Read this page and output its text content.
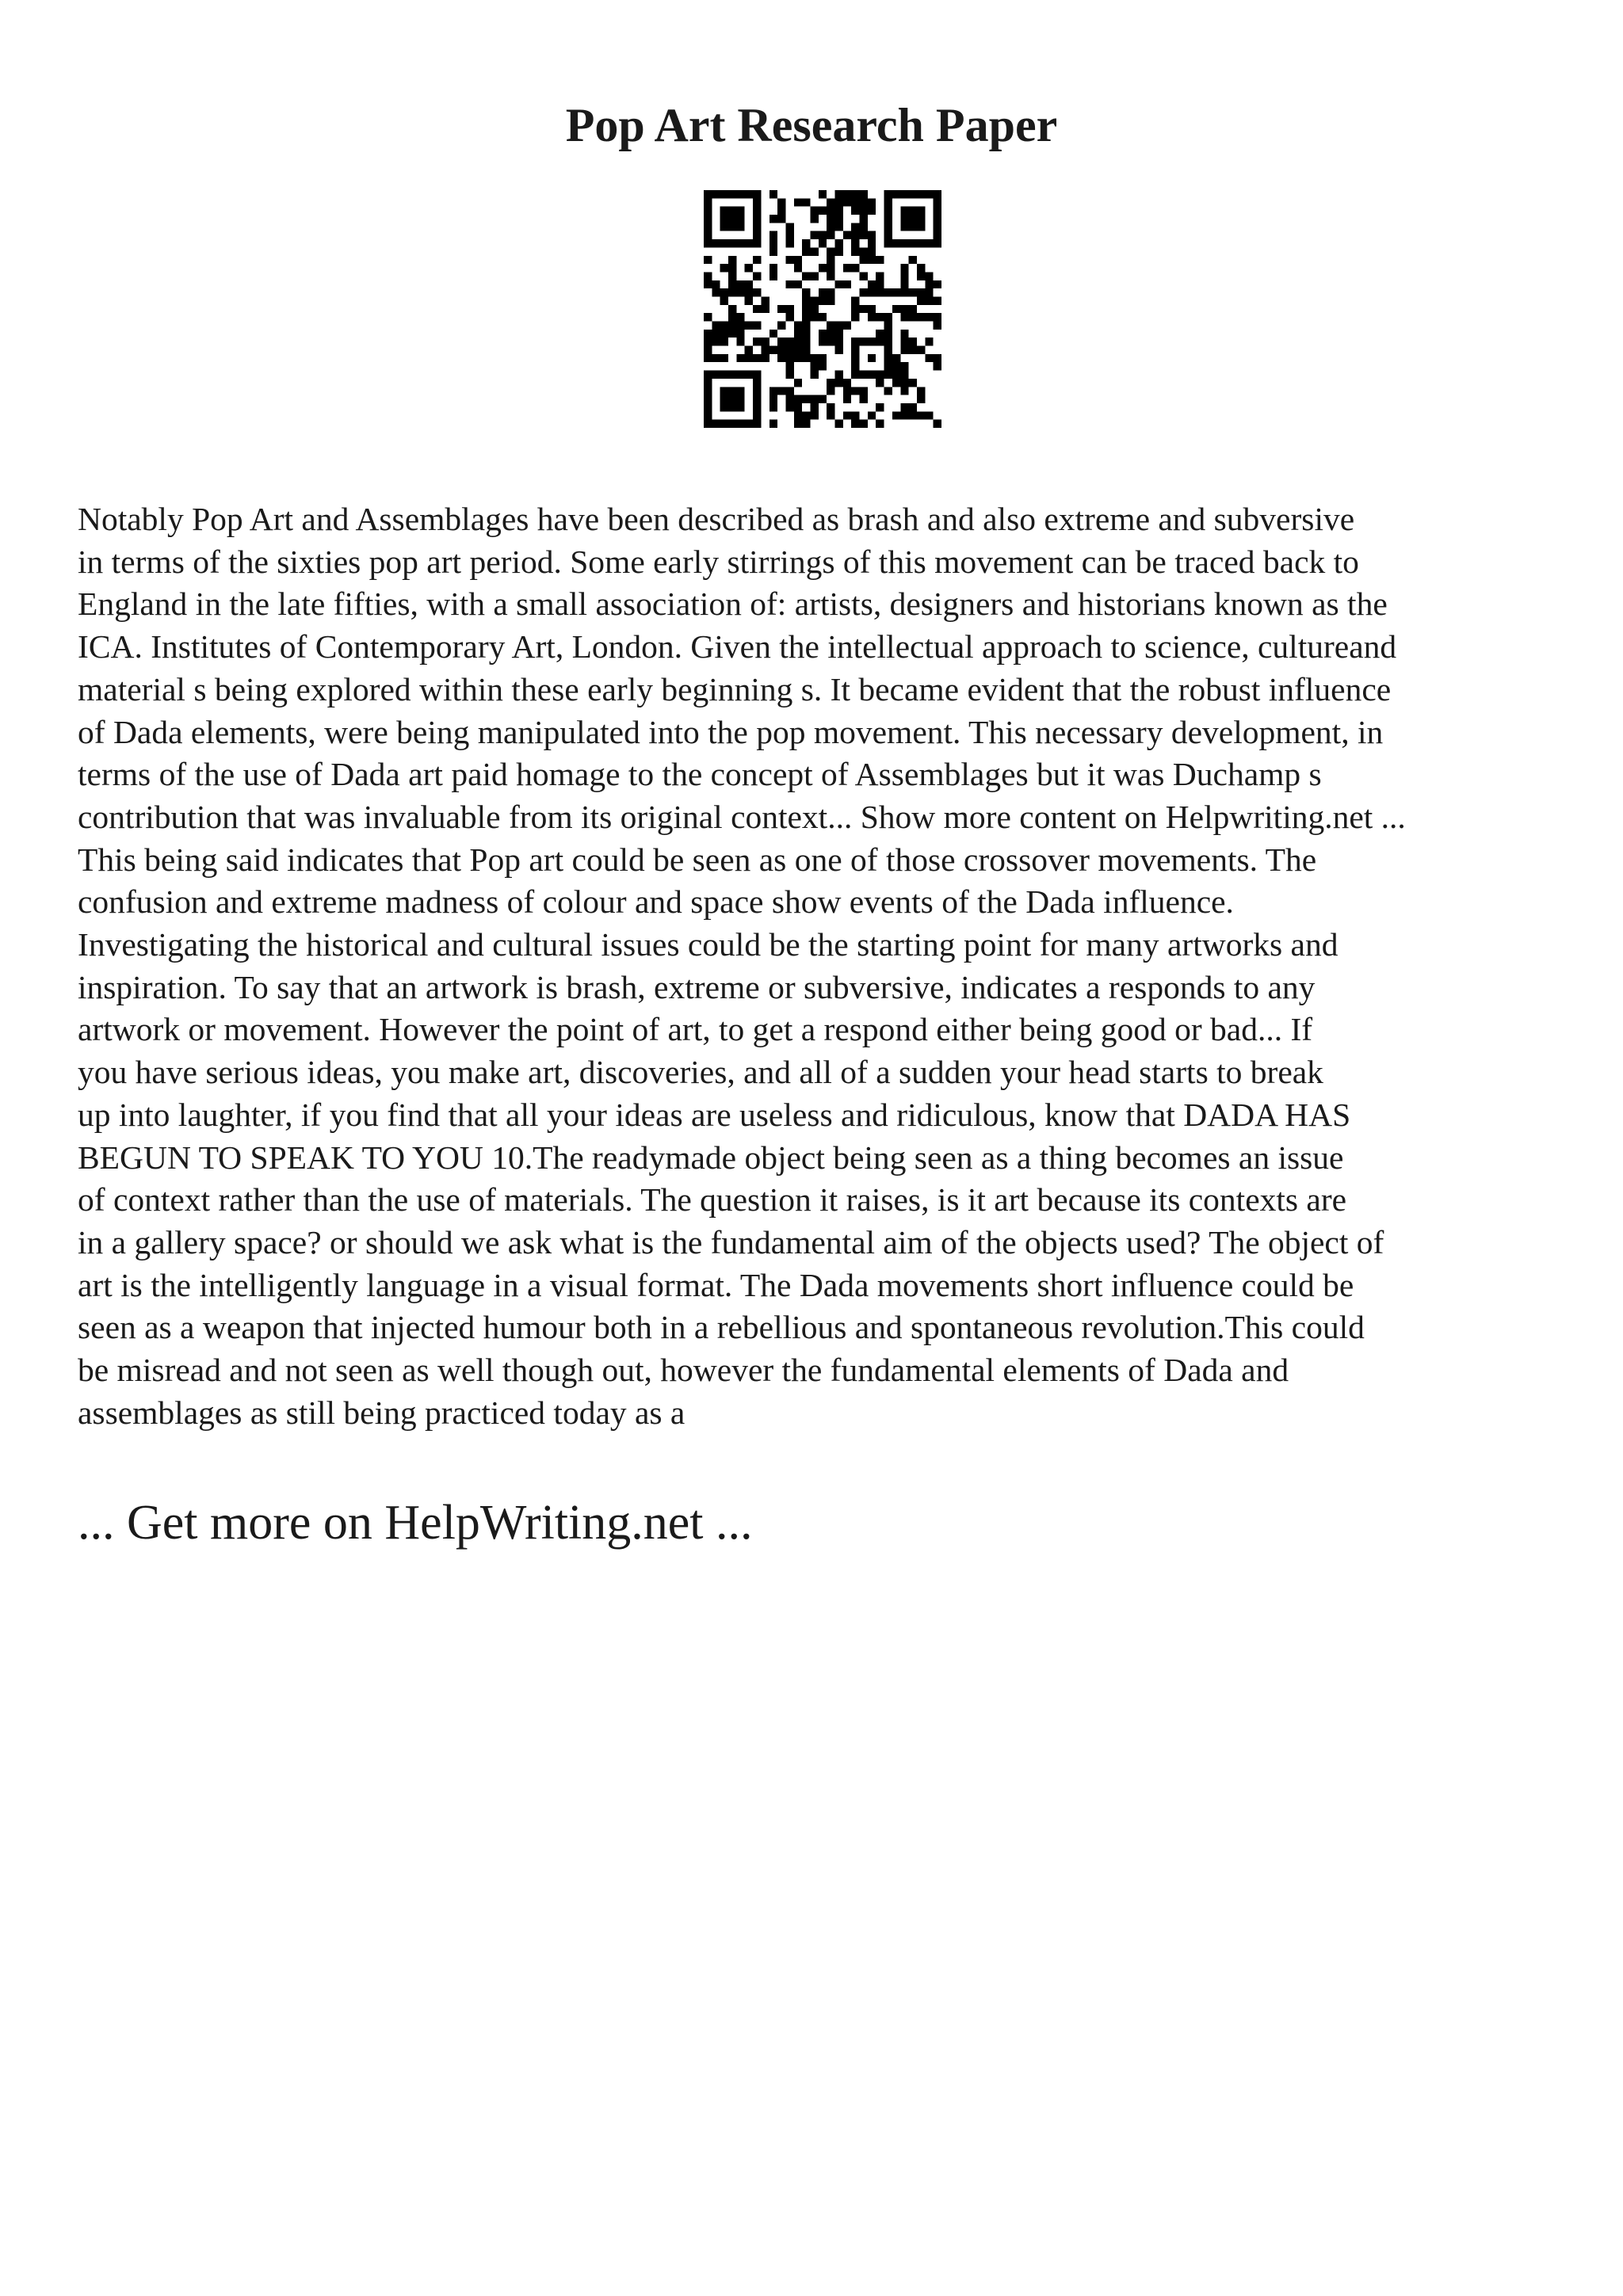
Pop Art Research Paper

Notably Pop Art and Assemblages have been described as brash and also extreme and subversive
in terms of the sixties pop art period. Some early stirrings of this movement can be traced back to
England in the late fifties, with a small association of: artists, designers and historians known as the
ICA. Institutes of Contemporary Art, London. Given the intellectual approach to science, cultureand
material s being explored within these early beginning s. It became evident that the robust influence
of Dada elements, were being manipulated into the pop movement. This necessary development, in
terms of the use of Dada art paid homage to the concept of Assemblages but it was Duchamp s
contribution that was invaluable from its original context... Show more content on Helpwriting.net ...
This being said indicates that Pop art could be seen as one of those crossover movements. The
confusion and extreme madness of colour and space show events of the Dada influence.
Investigating the historical and cultural issues could be the starting point for many artworks and
inspiration. To say that an artwork is brash, extreme or subversive, indicates a responds to any
artwork or movement. However the point of art, to get a respond either being good or bad... If
you have serious ideas, you make art, discoveries, and all of a sudden your head starts to break
up into laughter, if you find that all your ideas are useless and ridiculous, know that DADA HAS
BEGUN TO SPEAK TO YOU 10.The readymade object being seen as a thing becomes an issue
of context rather than the use of materials. The question it raises, is it art because its contexts are
in a gallery space? or should we ask what is the fundamental aim of the objects used? The object of
art is the intelligently language in a visual format. The Dada movements short influence could be
seen as a weapon that injected humour both in a rebellious and spontaneous revolution.This could
be misread and not seen as well though out, however the fundamental elements of Dada and
assemblages as still being practiced today as a

... Get more on HelpWriting.net ...
